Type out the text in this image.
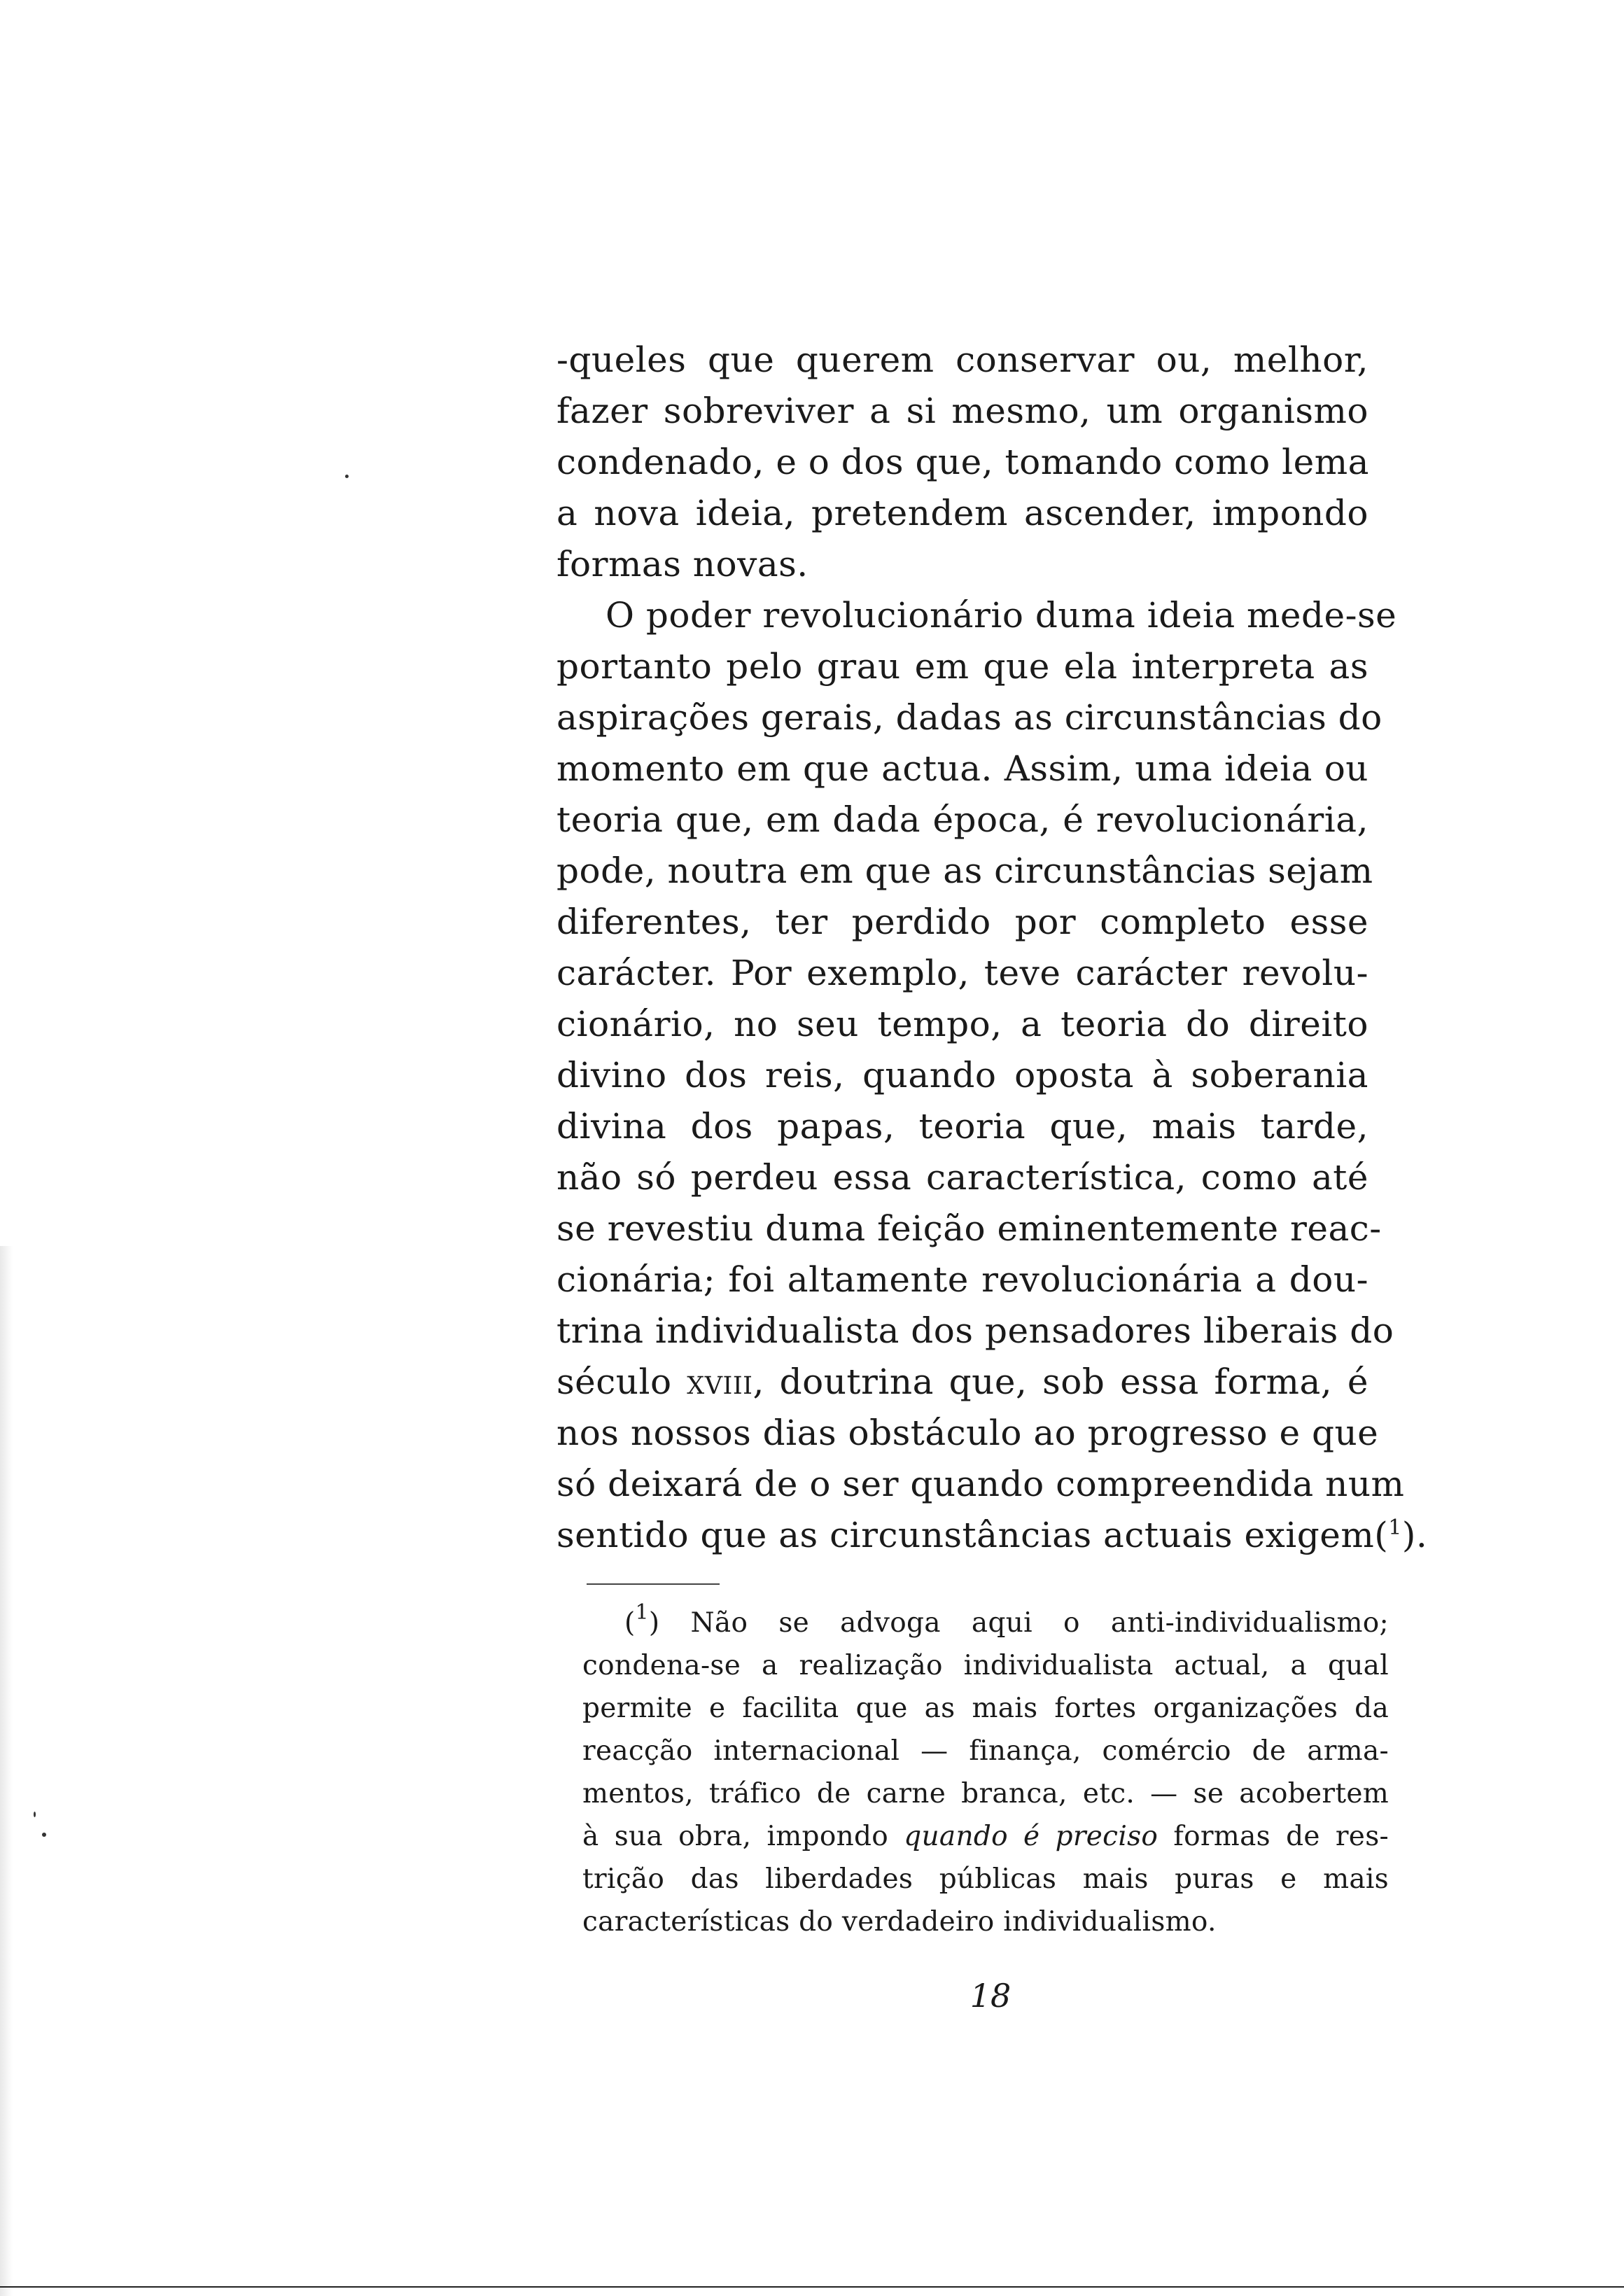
-queles que querem conservar ou, melhor,
fazer sobreviver a si mesmo, um organismo
condenado, e o dos que, tomando como lema
a nova ideia, pretendem ascender, impondo
formas novas.
O poder revolucionário duma ideia mede-se
portanto pelo grau em que ela interpreta as
aspirações gerais, dadas as circunstâncias do
momento em que actua. Assim, uma ideia ou
teoria que, em dada época, é revolucionária,
pode, noutra em que as circunstâncias sejam
diferentes, ter perdido por completo esse
carácter. Por exemplo, teve carácter revolu-
cionário, no seu tempo, a teoria do direito
divino dos reis, quando oposta à soberania
divina dos papas, teoria que, mais tarde,
não só perdeu essa característica, como até
se revestiu duma feição eminentemente reac-
cionária; foi altamente revolucionária a dou-
trina individualista dos pensadores liberais do
século xviii, doutrina que, sob essa forma, é
nos nossos dias obstáculo ao progresso e que
só deixará de o ser quando compreendida num
sentido que as circunstâncias actuais exigem($^1$).
($^1$) Não se advoga aqui o anti-individualismo;
condena-se a realização individualista actual, a qual
permite e facilita que as mais fortes organizações da
reacção internacional — finança, comércio de arma-
mentos, tráfico de carne branca, etc. — se acobertem
à sua obra, impondo quando é preciso formas de res-
trição das liberdades públicas mais puras e mais
características do verdadeiro individualismo.
18
